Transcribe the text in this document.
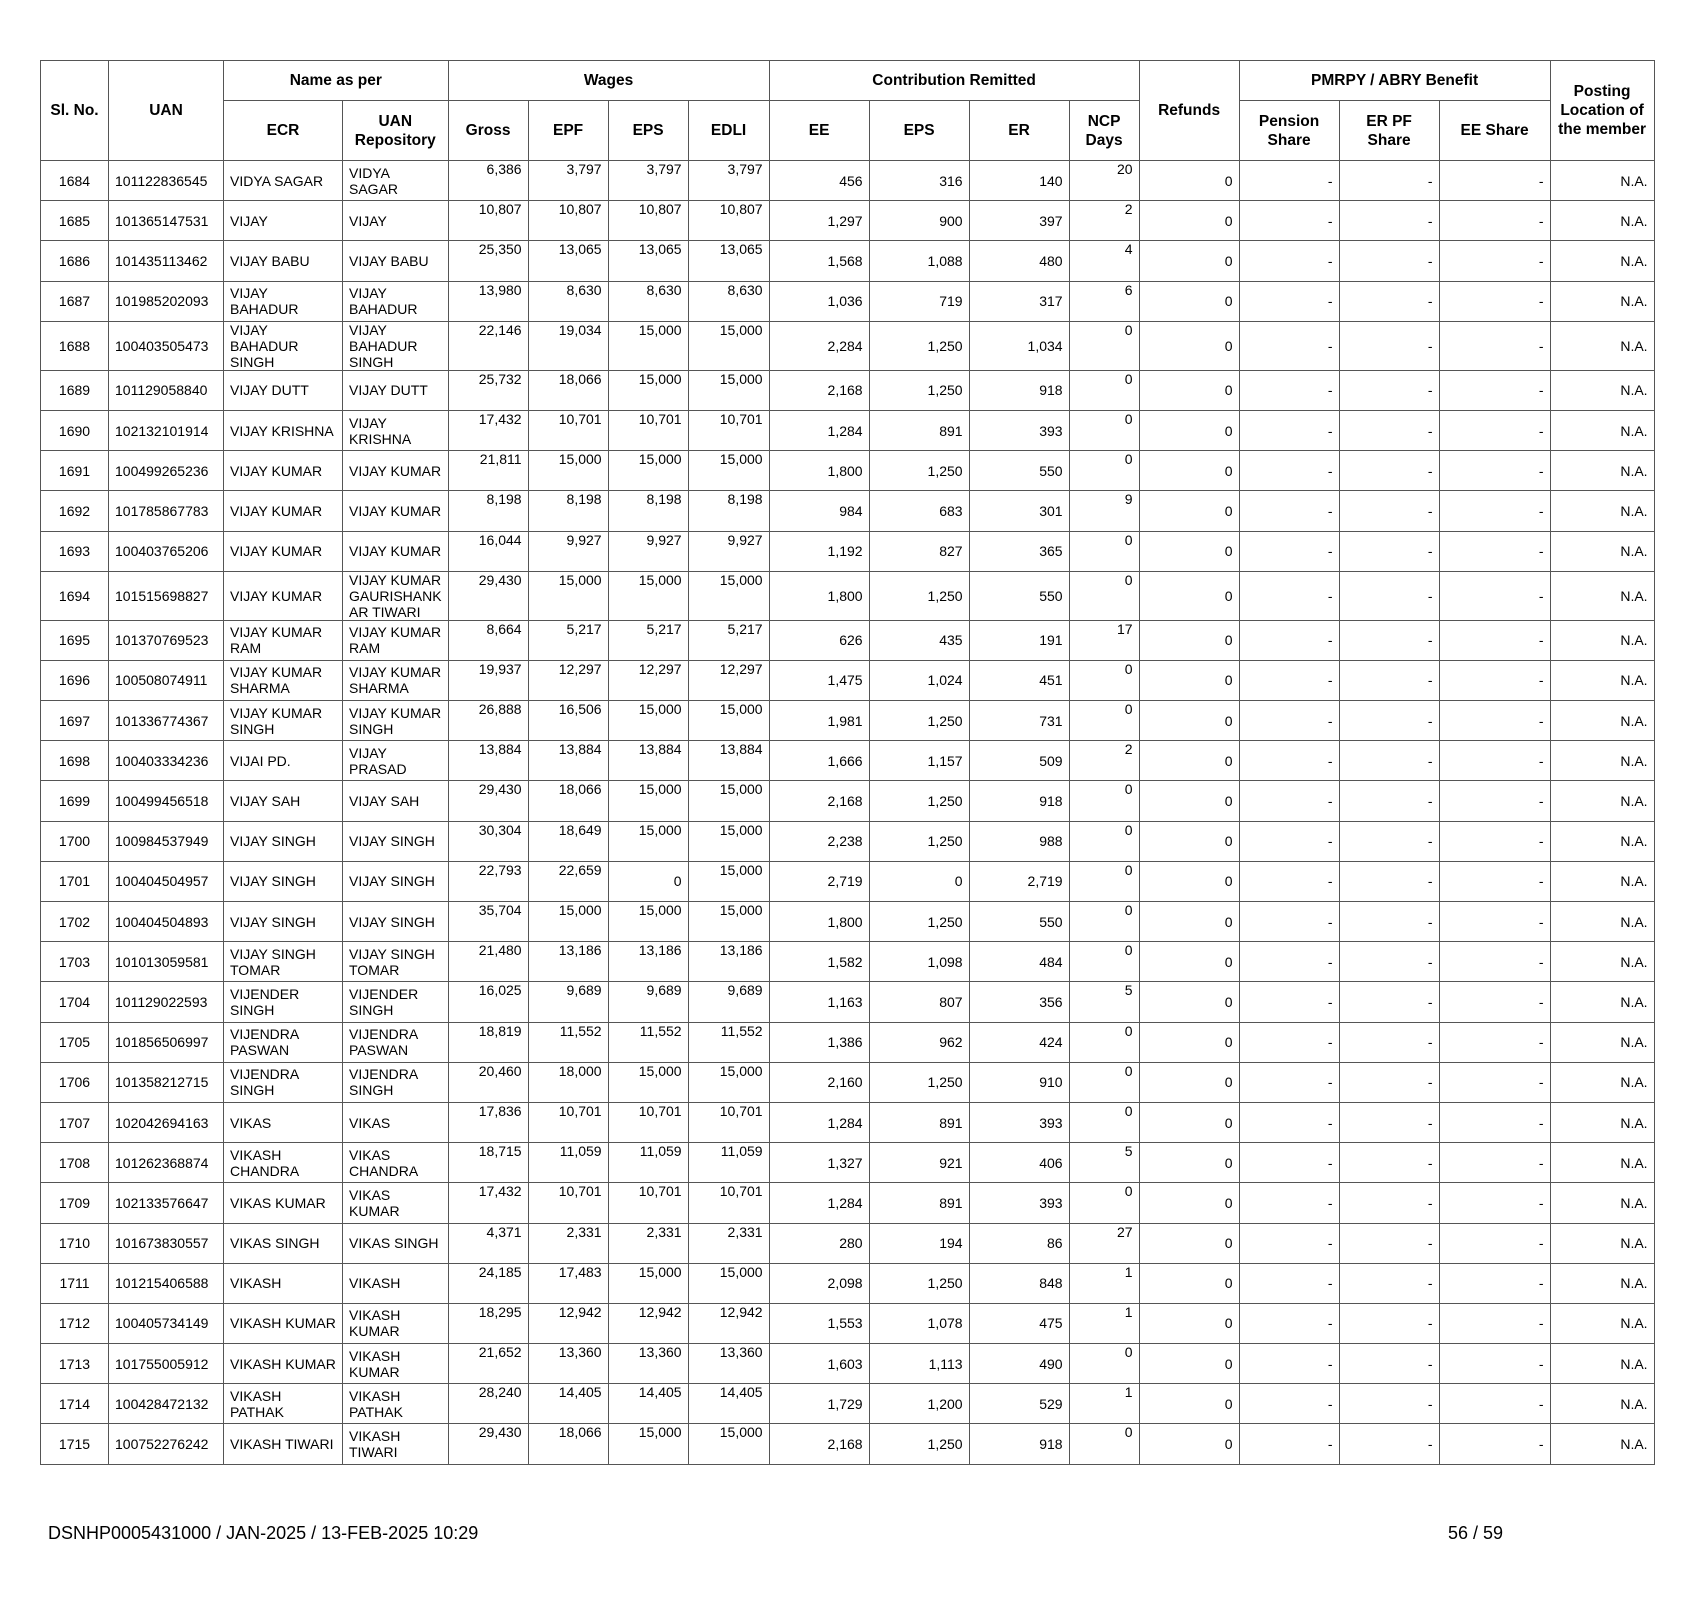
Sl. No.	UAN	Name as per		Wages				Contribution Remitted				Refunds	PMRPY / ABRY Benefit			Posting Location of the member
		ECR	UAN Repository	Gross	EPF	EPS	EDLI	EE	EPS	ER	NCP Days		Pension Share	ER PF Share	EE Share	
1684	101122836545	VIDYA SAGAR	VIDYA
SAGAR	6,386	3,797	3,797	3,797	456	316	140	20	0	-	-	-	N.A.
1685	101365147531	VIJAY	VIJAY	10,807	10,807	10,807	10,807	1,297	900	397	2	0	-	-	-	N.A.
1686	101435113462	VIJAY BABU	VIJAY BABU	25,350	13,065	13,065	13,065	1,568	1,088	480	4	0	-	-	-	N.A.
1687	101985202093	VIJAY BAHADUR	VIJAY
BAHADUR	13,980	8,630	8,630	8,630	1,036	719	317	6	0	-	-	-	N.A.
1688	100403505473	VIJAY BAHADUR
SINGH	VIJAY
BAHADUR
SINGH	22,146	19,034	15,000	15,000	2,284	1,250	1,034	0	0	-	-	-	N.A.
1689	101129058840	VIJAY DUTT	VIJAY DUTT	25,732	18,066	15,000	15,000	2,168	1,250	918	0	0	-	-	-	N.A.
1690	102132101914	VIJAY KRISHNA	VIJAY
KRISHNA	17,432	10,701	10,701	10,701	1,284	891	393	0	0	-	-	-	N.A.
1691	100499265236	VIJAY KUMAR	VIJAY KUMAR	21,811	15,000	15,000	15,000	1,800	1,250	550	0	0	-	-	-	N.A.
1692	101785867783	VIJAY KUMAR	VIJAY KUMAR	8,198	8,198	8,198	8,198	984	683	301	9	0	-	-	-	N.A.
1693	100403765206	VIJAY KUMAR	VIJAY KUMAR	16,044	9,927	9,927	9,927	1,192	827	365	0	0	-	-	-	N.A.
1694	101515698827	VIJAY KUMAR	VIJAY KUMAR
GAURISHANK
AR TIWARI	29,430	15,000	15,000	15,000	1,800	1,250	550	0	0	-	-	-	N.A.
1695	101370769523	VIJAY KUMAR
RAM	VIJAY KUMAR
RAM	8,664	5,217	5,217	5,217	626	435	191	17	0	-	-	-	N.A.
1696	100508074911	VIJAY KUMAR
SHARMA	VIJAY KUMAR
SHARMA	19,937	12,297	12,297	12,297	1,475	1,024	451	0	0	-	-	-	N.A.
1697	101336774367	VIJAY KUMAR
SINGH	VIJAY KUMAR
SINGH	26,888	16,506	15,000	15,000	1,981	1,250	731	0	0	-	-	-	N.A.
1698	100403334236	VIJAI PD.	VIJAY
PRASAD	13,884	13,884	13,884	13,884	1,666	1,157	509	2	0	-	-	-	N.A.
1699	100499456518	VIJAY SAH	VIJAY SAH	29,430	18,066	15,000	15,000	2,168	1,250	918	0	0	-	-	-	N.A.
1700	100984537949	VIJAY SINGH	VIJAY SINGH	30,304	18,649	15,000	15,000	2,238	1,250	988	0	0	-	-	-	N.A.
1701	100404504957	VIJAY SINGH	VIJAY SINGH	22,793	22,659	0	15,000	2,719	0	2,719	0	0	-	-	-	N.A.
1702	100404504893	VIJAY SINGH	VIJAY SINGH	35,704	15,000	15,000	15,000	1,800	1,250	550	0	0	-	-	-	N.A.
1703	101013059581	VIJAY SINGH
TOMAR	VIJAY SINGH
TOMAR	21,480	13,186	13,186	13,186	1,582	1,098	484	0	0	-	-	-	N.A.
1704	101129022593	VIJENDER
SINGH	VIJENDER
SINGH	16,025	9,689	9,689	9,689	1,163	807	356	5	0	-	-	-	N.A.
1705	101856506997	VIJENDRA
PASWAN	VIJENDRA
PASWAN	18,819	11,552	11,552	11,552	1,386	962	424	0	0	-	-	-	N.A.
1706	101358212715	VIJENDRA
SINGH	VIJENDRA
SINGH	20,460	18,000	15,000	15,000	2,160	1,250	910	0	0	-	-	-	N.A.
1707	102042694163	VIKAS	VIKAS	17,836	10,701	10,701	10,701	1,284	891	393	0	0	-	-	-	N.A.
1708	101262368874	VIKASH
CHANDRA	VIKAS
CHANDRA	18,715	11,059	11,059	11,059	1,327	921	406	5	0	-	-	-	N.A.
1709	102133576647	VIKAS KUMAR	VIKAS
KUMAR	17,432	10,701	10,701	10,701	1,284	891	393	0	0	-	-	-	N.A.
1710	101673830557	VIKAS SINGH	VIKAS SINGH	4,371	2,331	2,331	2,331	280	194	86	27	0	-	-	-	N.A.
1711	101215406588	VIKASH	VIKASH	24,185	17,483	15,000	15,000	2,098	1,250	848	1	0	-	-	-	N.A.
1712	100405734149	VIKASH KUMAR	VIKASH
KUMAR	18,295	12,942	12,942	12,942	1,553	1,078	475	1	0	-	-	-	N.A.
1713	101755005912	VIKASH KUMAR	VIKASH
KUMAR	21,652	13,360	13,360	13,360	1,603	1,113	490	0	0	-	-	-	N.A.
1714	100428472132	VIKASH
PATHAK	VIKASH
PATHAK	28,240	14,405	14,405	14,405	1,729	1,200	529	1	0	-	-	-	N.A.
1715	100752276242	VIKASH TIWARI	VIKASH
TIWARI	29,430	18,066	15,000	15,000	2,168	1,250	918	0	0	-	-	-	N.A.
DSNHP0005431000 / JAN-2025 / 13-FEB-2025 10:29	56 / 59
